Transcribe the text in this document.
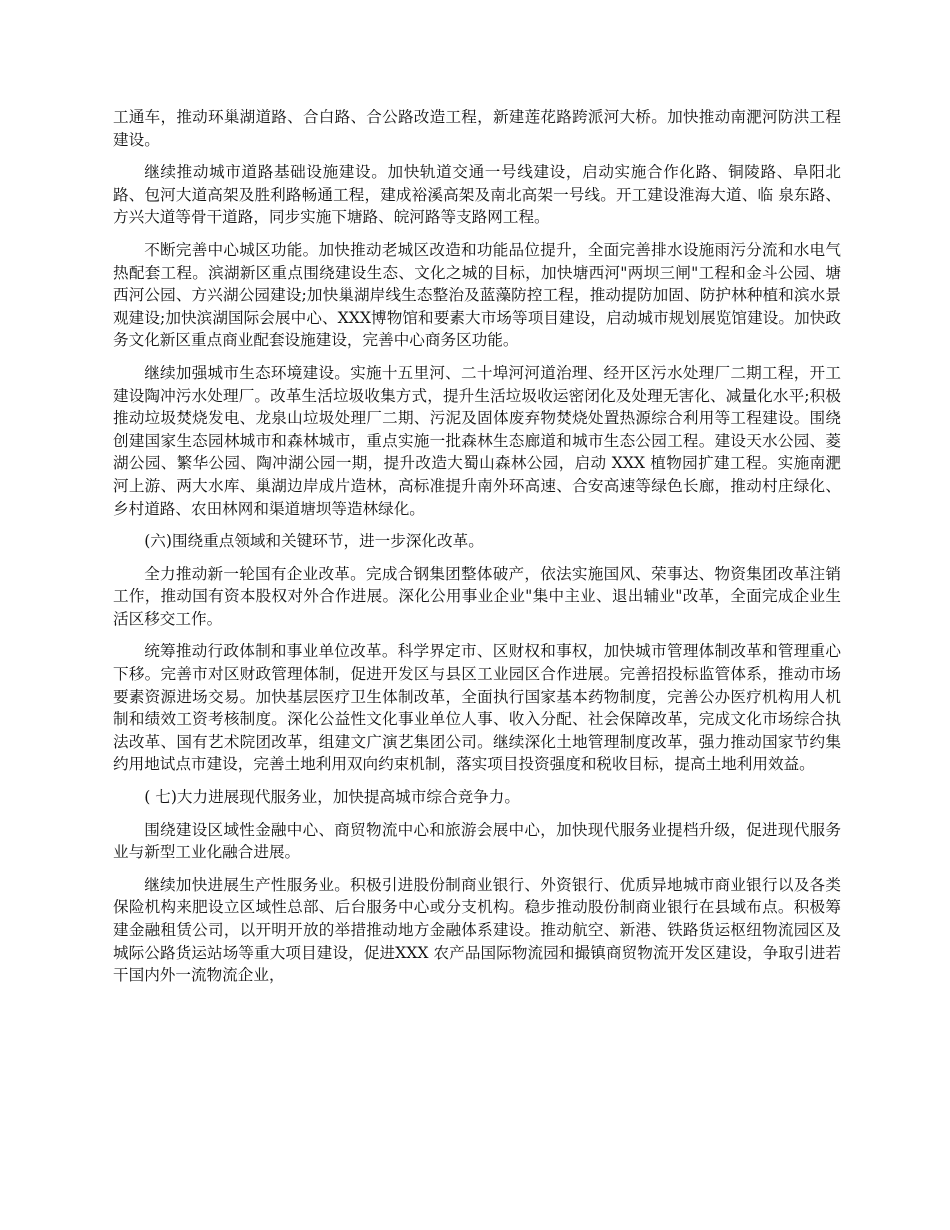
工通车，推动环巢湖道路、合白路、合公路改造工程，新建莲花路跨派河大桥。加快推动南淝河防洪工程建设。

继续推动城市道路基础设施建设。加快轨道交通一号线建设，启动实施合作化路、铜陵路、阜阳北路、包河大道高架及胜利路畅通工程，建成裕溪高架及南北高架一号线。开工建设淮海大道、临 泉东路、方兴大道等骨干道路，同步实施下塘路、皖河路等支路网工程。

不断完善中心城区功能。加快推动老城区改造和功能品位提升，全面完善排水设施雨污分流和水电气热配套工程。滨湖新区重点围绕建设生态、文化之城的目标，加快塘西河"两坝三闸"工程和金斗公园、塘西河公园、方兴湖公园建设;加快巢湖岸线生态整治及蓝藻防控工程，推动提防加固、防护林种植和滨水景观建设;加快滨湖国际会展中心、XXX博物馆和要素大市场等项目建设，启动城市规划展览馆建设。加快政务文化新区重点商业配套设施建设，完善中心商务区功能。

继续加强城市生态环境建设。实施十五里河、二十埠河河道治理、经开区污水处理厂二期工程，开工建设陶冲污水处理厂。改革生活垃圾收集方式，提升生活垃圾收运密闭化及处理无害化、减量化水平;积极推动垃圾焚烧发电、龙泉山垃圾处理厂二期、污泥及固体废弃物焚烧处置热源综合利用等工程建设。围绕创建国家生态园林城市和森林城市，重点实施一批森林生态廊道和城市生态公园工程。建设天水公园、菱湖公园、繁华公园、陶冲湖公园一期，提升改造大蜀山森林公园，启动 XXX 植物园扩建工程。实施南淝河上游、两大水库、巢湖边岸成片造林，高标准提升南外环高速、合安高速等绿色长廊，推动村庄绿化、乡村道路、农田林网和渠道塘坝等造林绿化。

(六)围绕重点领域和关键环节，进一步深化改革。

全力推动新一轮国有企业改革。完成合钢集团整体破产，依法实施国风、荣事达、物资集团改革注销工作，推动国有资本股权对外合作进展。深化公用事业企业"集中主业、退出辅业"改革，全面完成企业生活区移交工作。

统筹推动行政体制和事业单位改革。科学界定市、区财权和事权，加快城市管理体制改革和管理重心下移。完善市对区财政管理体制，促进开发区与县区工业园区合作进展。完善招投标监管体系，推动市场要素资源进场交易。加快基层医疗卫生体制改革，全面执行国家基本药物制度，完善公办医疗机构用人机制和绩效工资考核制度。深化公益性文化事业单位人事、收入分配、社会保障改革，完成文化市场综合执法改革、国有艺术院团改革，组建文广演艺集团公司。继续深化土地管理制度改革，强力推动国家节约集约用地试点市建设，完善土地利用双向约束机制，落实项目投资强度和税收目标，提高土地利用效益。

( 七)大力进展现代服务业，加快提高城市综合竞争力。

围绕建设区域性金融中心、商贸物流中心和旅游会展中心，加快现代服务业提档升级，促进现代服务业与新型工业化融合进展。

继续加快进展生产性服务业。积极引进股份制商业银行、外资银行、优质异地城市商业银行以及各类保险机构来肥设立区域性总部、后台服务中心或分支机构。稳步推动股份制商业银行在县域布点。积极筹建金融租赁公司，以开明开放的举措推动地方金融体系建设。推动航空、新港、铁路货运枢纽物流园区及城际公路货运站场等重大项目建设，促进XXX 农产品国际物流园和撮镇商贸物流开发区建设，争取引进若干国内外一流物流企业，
